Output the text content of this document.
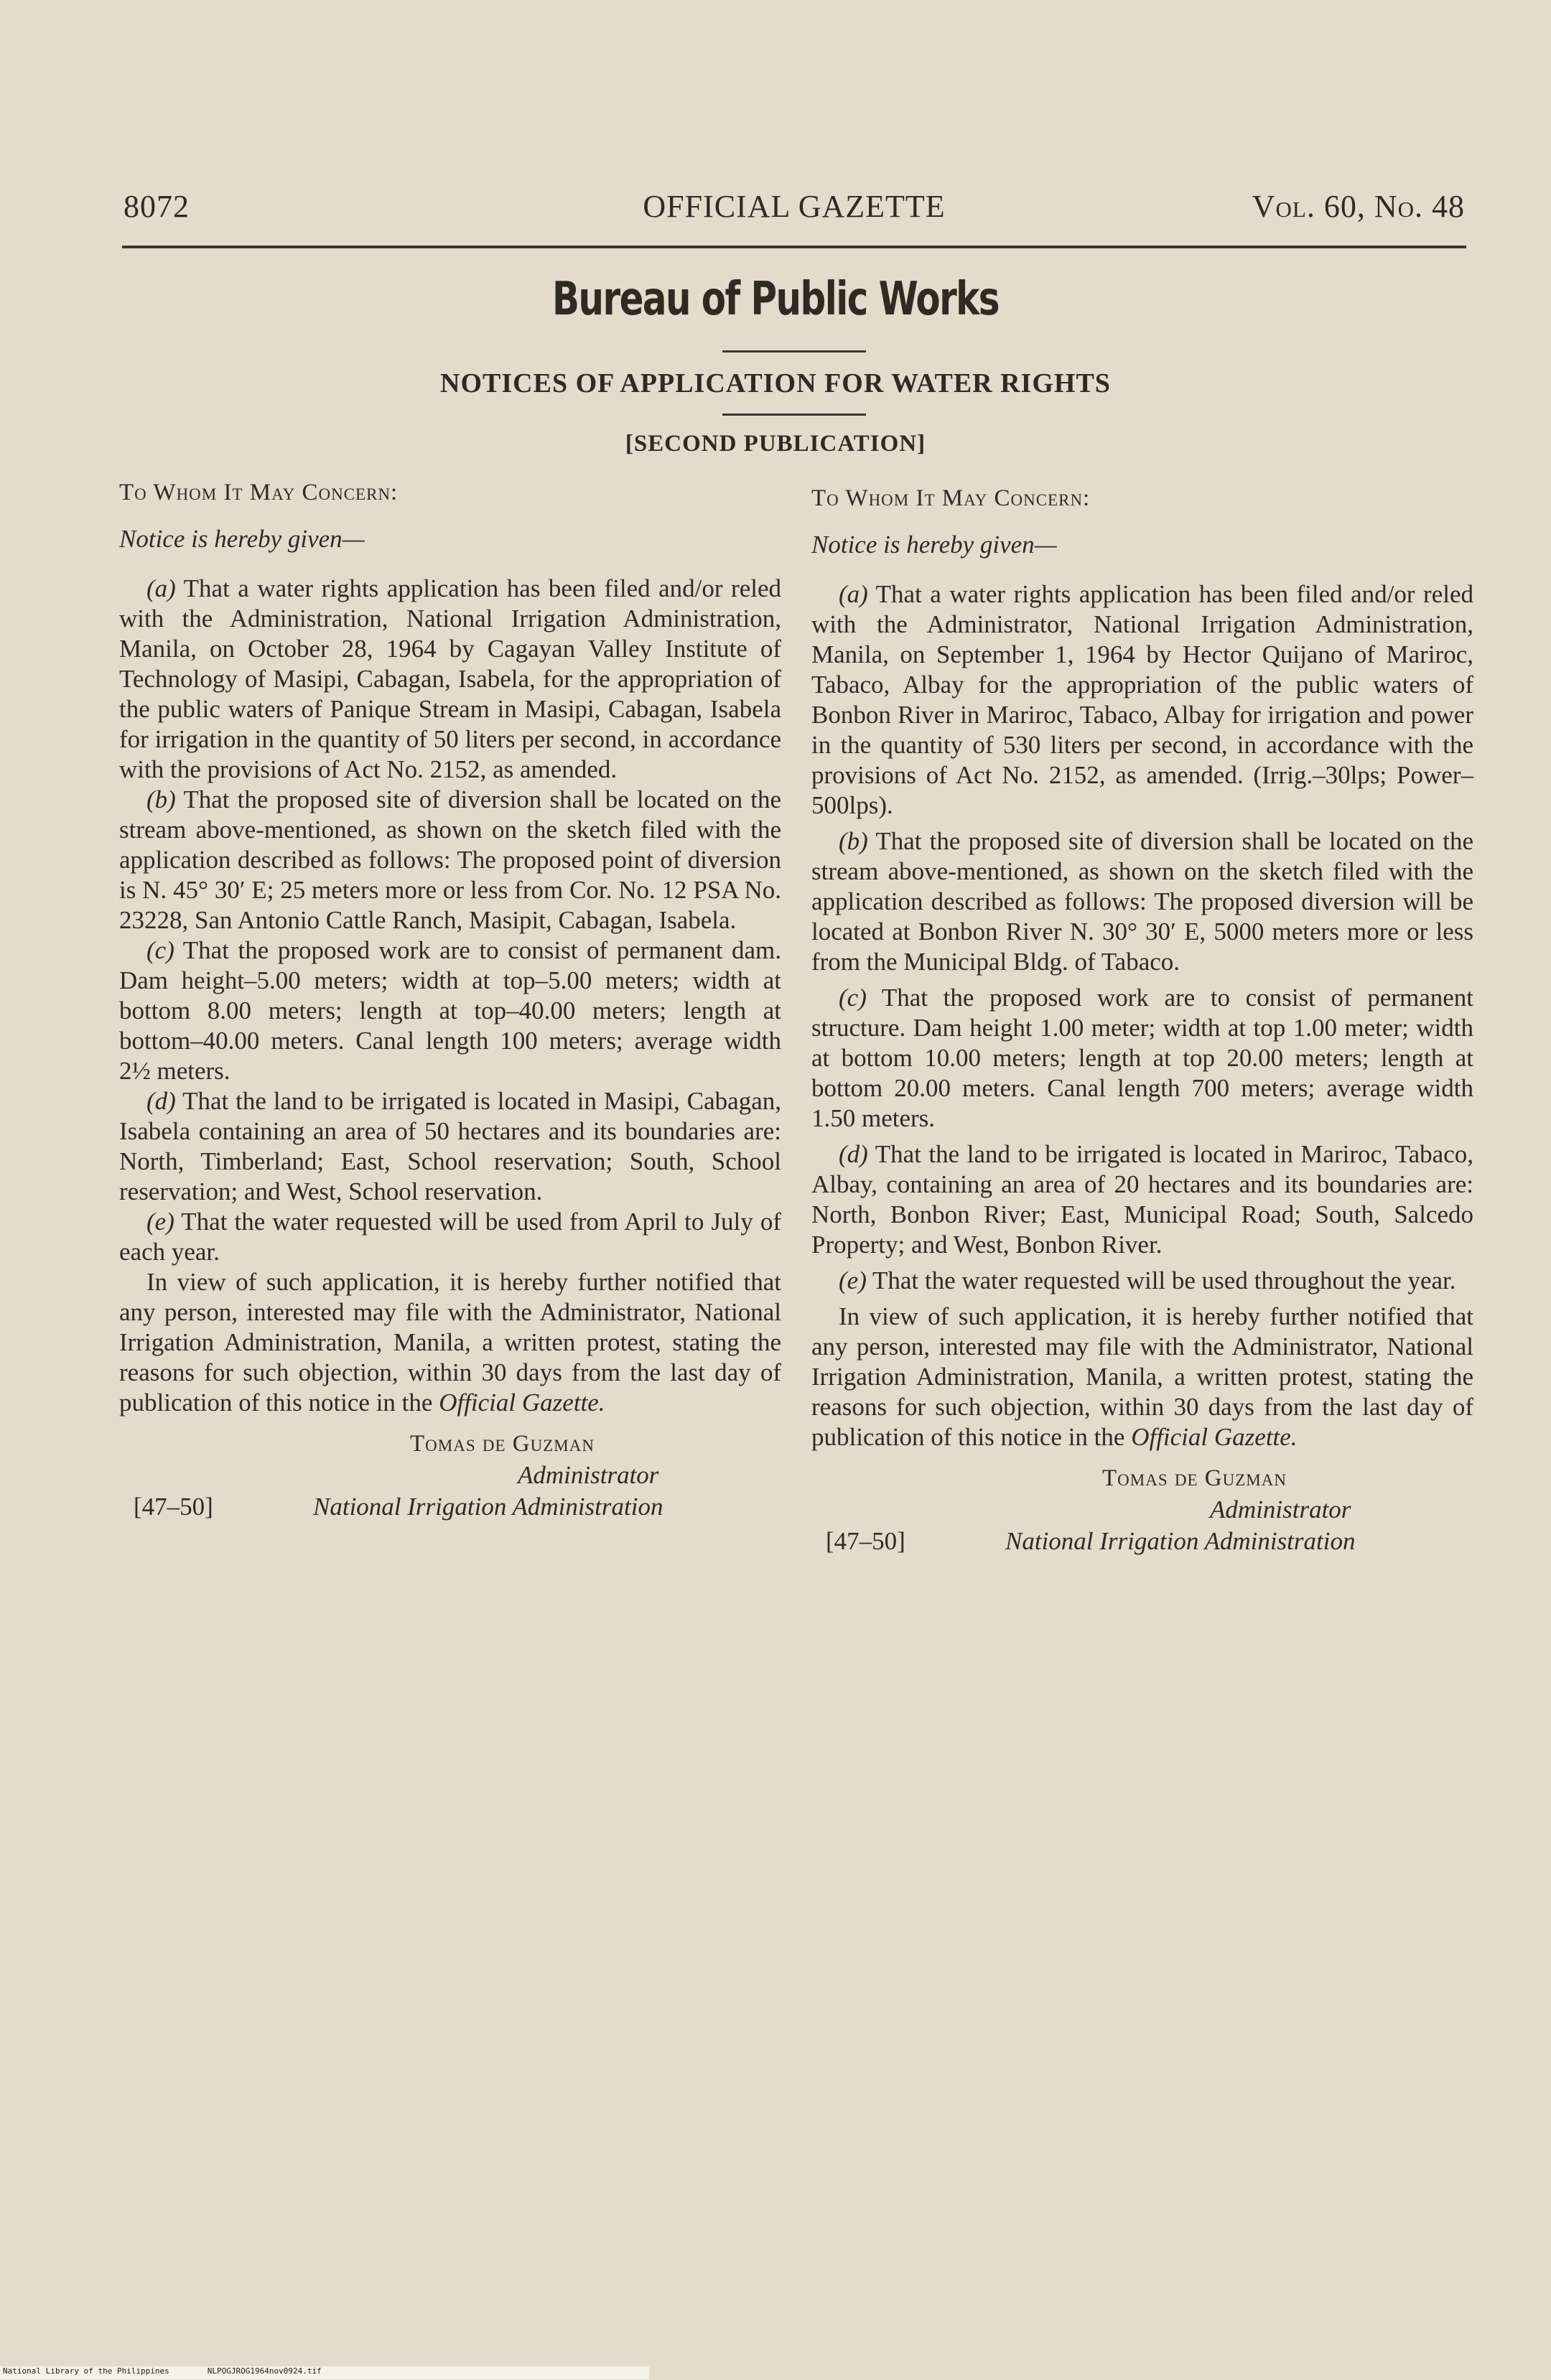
8072	OFFICIAL GAZETTE	Vol. 60, No. 48
Bureau of Public Works
NOTICES OF APPLICATION FOR WATER RIGHTS
[SECOND PUBLICATION]

To Whom It May Concern:

Notice is hereby given—

(a) That a water rights application has been filed and/or reled with the Administration, National Irrigation Administration, Manila, on October 28, 1964 by Cagayan Valley Institute of Technology of Masipi, Cabagan, Isabela, for the appropriation of the public waters of Panique Stream in Masipi, Cabagan, Isabela for irrigation in the quantity of 50 liters per second, in accordance with the provisions of Act No. 2152, as amended.

(b) That the proposed site of diversion shall be located on the stream above-mentioned, as shown on the sketch filed with the application described as follows: The proposed point of diversion is N. 45° 30′ E; 25 meters more or less from Cor. No. 12 PSA No. 23228, San Antonio Cattle Ranch, Masipit, Cabagan, Isabela.

(c) That the proposed work are to consist of permanent dam. Dam height–5.00 meters; width at top–5.00 meters; width at bottom 8.00 meters; length at top–40.00 meters; length at bottom–40.00 meters. Canal length 100 meters; average width 2½ meters.

(d) That the land to be irrigated is located in Masipi, Cabagan, Isabela containing an area of 50 hectares and its boundaries are: North, Timberland; East, School reservation; South, School reservation; and West, School reservation.

(e) That the water requested will be used from April to July of each year.

In view of such application, it is hereby further notified that any person, interested may file with the Administrator, National Irrigation Administration, Manila, a written protest, stating the reasons for such objection, within 30 days from the last day of publication of this notice in the Official Gazette.

Tomas de Guzman
Administrator
[47–50]	National Irrigation Administration

To Whom It May Concern:

Notice is hereby given—

(a) That a water rights application has been filed and/or reled with the Administrator, National Irrigation Administration, Manila, on September 1, 1964 by Hector Quijano of Mariroc, Tabaco, Albay for the appropriation of the public waters of Bonbon River in Mariroc, Tabaco, Albay for irrigation and power in the quantity of 530 liters per second, in accordance with the provisions of Act No. 2152, as amended. (Irrig.–30lps; Power–500lps).

(b) That the proposed site of diversion shall be located on the stream above-mentioned, as shown on the sketch filed with the application described as follows: The proposed diversion will be located at Bonbon River N. 30° 30′ E, 5000 meters more or less from the Municipal Bldg. of Tabaco.

(c) That the proposed work are to consist of permanent structure. Dam height 1.00 meter; width at top 1.00 meter; width at bottom 10.00 meters; length at top 20.00 meters; length at bottom 20.00 meters. Canal length 700 meters; average width 1.50 meters.

(d) That the land to be irrigated is located in Mariroc, Tabaco, Albay, containing an area of 20 hectares and its boundaries are: North, Bonbon River; East, Municipal Road; South, Salcedo Property; and West, Bonbon River.

(e) That the water requested will be used throughout the year.

In view of such application, it is hereby further notified that any person, interested may file with the Administrator, National Irrigation Administration, Manila, a written protest, stating the reasons for such objection, within 30 days from the last day of publication of this notice in the Official Gazette.

Tomas de Guzman
Administrator
[47–50]	National Irrigation Administration
National Library of the Philippines	NLPOGJROG1964nov0924.tif
